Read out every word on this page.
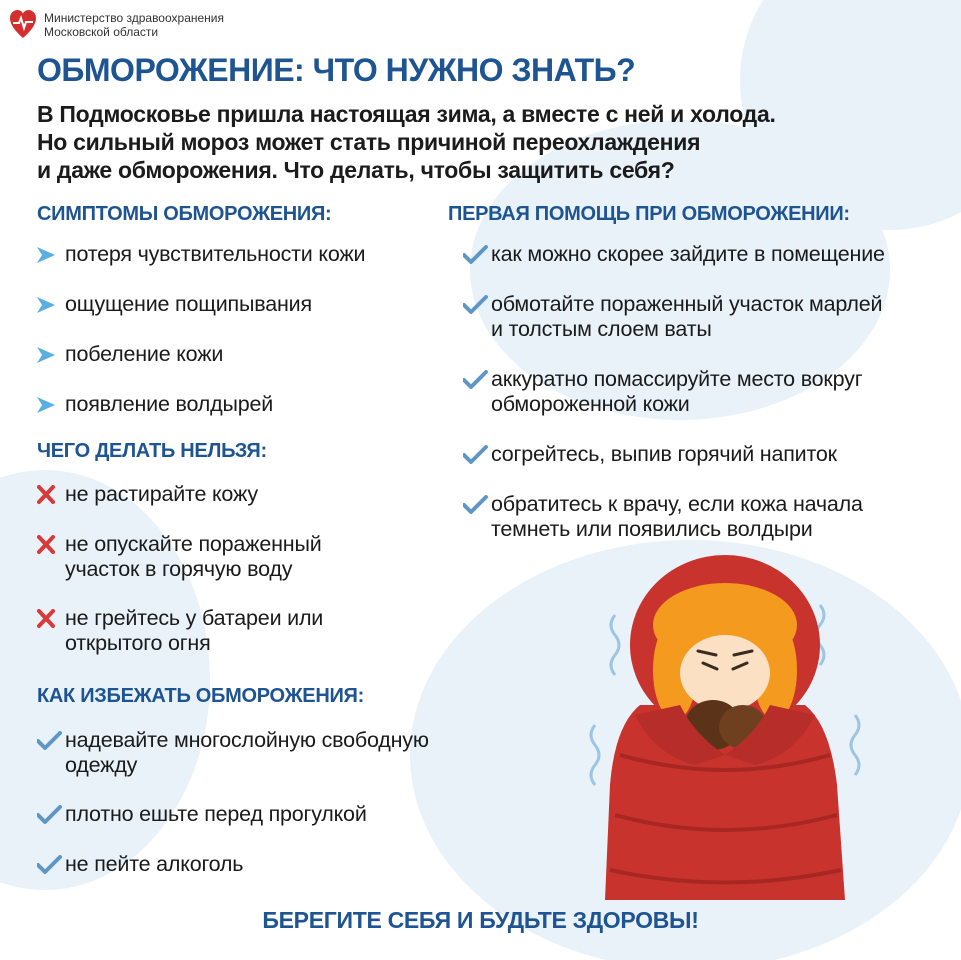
Министерство здравоохранения
Московской области
ОБМОРОЖЕНИЕ: ЧТО НУЖНО ЗНАТЬ?
В Подмосковье пришла настоящая зима, а вместе с ней и холода.
Но сильный мороз может стать причиной переохлаждения
и даже обморожения. Что делать, чтобы защитить себя?
СИМПТОМЫ ОБМОРОЖЕНИЯ:
потеря чувствительности кожи
ощущение пощипывания
побеление кожи
появление волдырей
ЧЕГО ДЕЛАТЬ НЕЛЬЗЯ:
не растирайте кожу
не опускайте пораженный
участок в горячую воду
не грейтесь у батареи или
открытого огня
КАК ИЗБЕЖАТЬ ОБМОРОЖЕНИЯ:
надевайте многослойную свободную
одежду
плотно ешьте перед прогулкой
не пейте алкоголь
ПЕРВАЯ ПОМОЩЬ ПРИ ОБМОРОЖЕНИИ:
как можно скорее зайдите в помещение
обмотайте пораженный участок марлей
и толстым слоем ваты
аккуратно помассируйте место вокруг
обмороженной кожи
согрейтесь, выпив горячий напиток
обратитесь к врачу, если кожа начала
темнеть или появились волдыри
БЕРЕГИТЕ СЕБЯ И БУДЬТЕ ЗДОРОВЫ!
